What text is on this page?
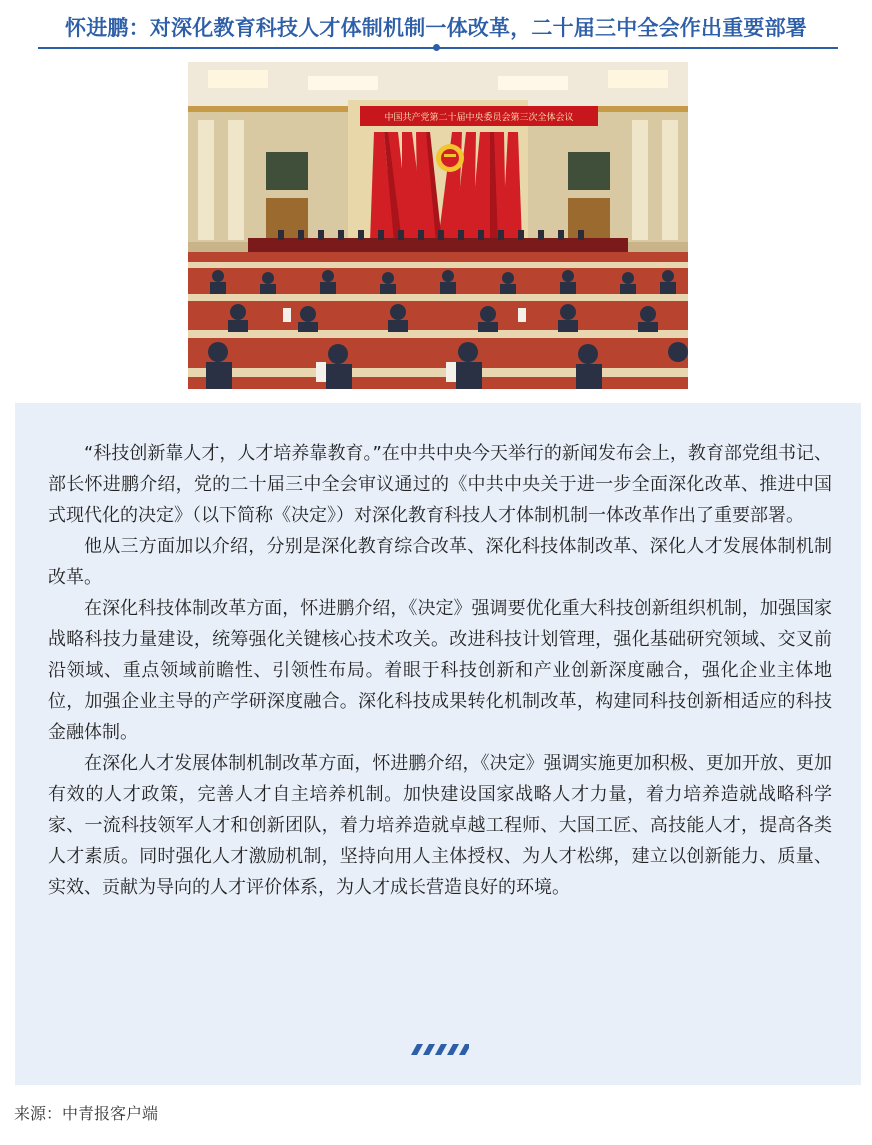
怀进鹏：对深化教育科技人才体制机制一体改革，二十届三中全会作出重要部署
中国共产党第二十届中央委员会第三次全体会议

“科技创新靠人才，人才培养靠教育。”在中共中央今天举行的新闻发布会上，教育部党组书记、部长怀进鹏介绍，党的二十届三中全会审议通过的《中共中央关于进一步全面深化改革、推进中国式现代化的决定》（以下简称《决定》）对深化教育科技人才体制机制一体改革作出了重要部署。

他从三方面加以介绍，分别是深化教育综合改革、深化科技体制改革、深化人才发展体制机制改革。

在深化科技体制改革方面，怀进鹏介绍，《决定》强调要优化重大科技创新组织机制，加强国家战略科技力量建设，统筹强化关键核心技术攻关。改进科技计划管理，强化基础研究领域、交叉前沿领域、重点领域前瞻性、引领性布局。着眼于科技创新和产业创新深度融合，强化企业主体地位，加强企业主导的产学研深度融合。深化科技成果转化机制改革，构建同科技创新相适应的科技金融体制。

在深化人才发展体制机制改革方面，怀进鹏介绍，《决定》强调实施更加积极、更加开放、更加有效的人才政策，完善人才自主培养机制。加快建设国家战略人才力量，着力培养造就战略科学家、一流科技领军人才和创新团队，着力培养造就卓越工程师、大国工匠、高技能人才，提高各类人才素质。同时强化人才激励机制，坚持向用人主体授权、为人才松绑，建立以创新能力、质量、实效、贡献为导向的人才评价体系，为人才成长营造良好的环境。

来源：中青报客户端
